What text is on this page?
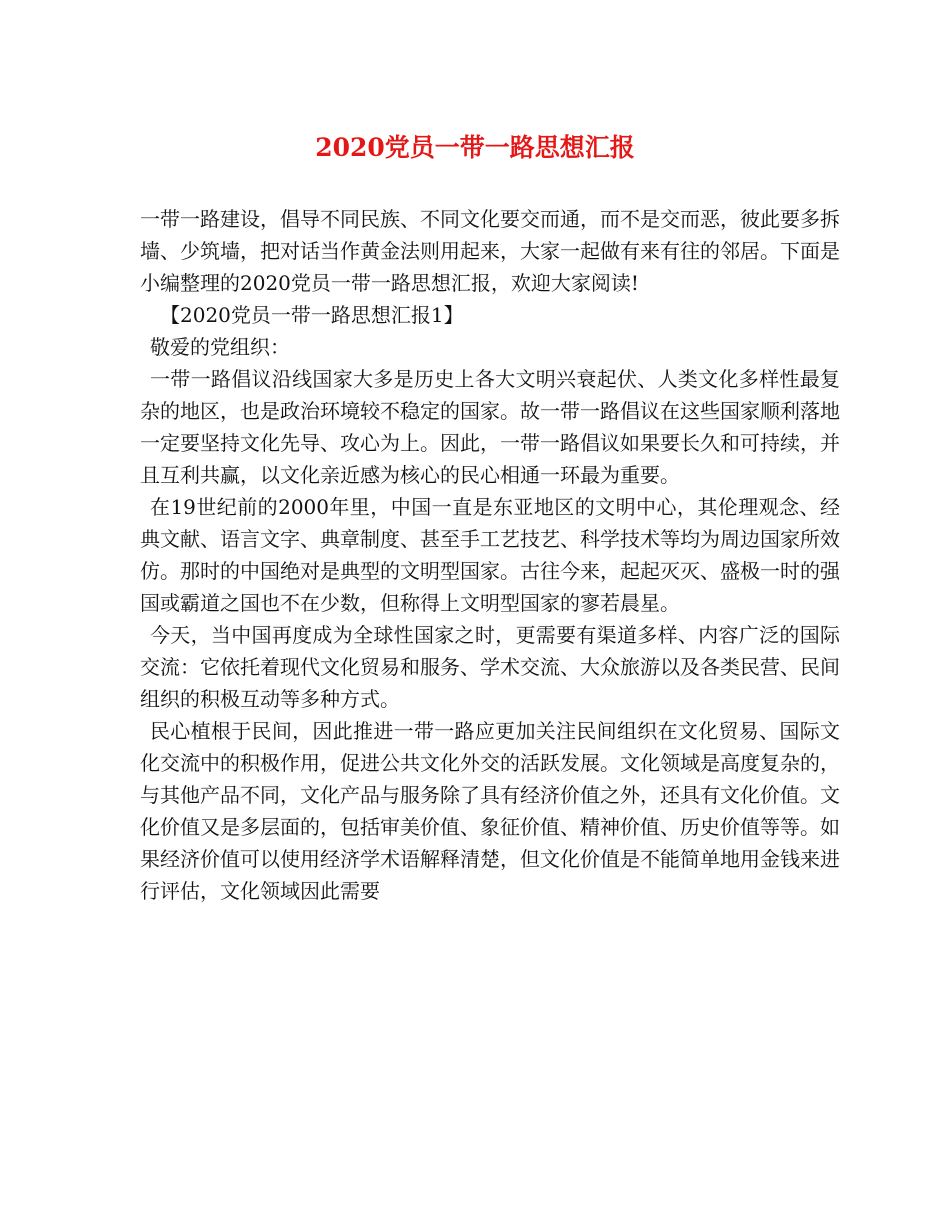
2020党员一带一路思想汇报

一带一路建设，倡导不同民族、不同文化要交而通，而不是交而恶，彼此要多拆墙、少筑墙，把对话当作黄金法则用起来，大家一起做有来有往的邻居。下面是小编整理的2020党员一带一路思想汇报，欢迎大家阅读!

【2020党员一带一路思想汇报1】

敬爱的党组织：

一带一路倡议沿线国家大多是历史上各大文明兴衰起伏、人类文化多样性最复杂的地区，也是政治环境较不稳定的国家。故一带一路倡议在这些国家顺利落地一定要坚持文化先导、攻心为上。因此，一带一路倡议如果要长久和可持续，并且互利共赢，以文化亲近感为核心的民心相通一环最为重要。

在19世纪前的2000年里，中国一直是东亚地区的文明中心，其伦理观念、经典文献、语言文字、典章制度、甚至手工艺技艺、科学技术等均为周边国家所效仿。那时的中国绝对是典型的文明型国家。古往今来，起起灭灭、盛极一时的强国或霸道之国也不在少数，但称得上文明型国家的寥若晨星。

今天，当中国再度成为全球性国家之时，更需要有渠道多样、内容广泛的国际交流：它依托着现代文化贸易和服务、学术交流、大众旅游以及各类民营、民间组织的积极互动等多种方式。

民心植根于民间，因此推进一带一路应更加关注民间组织在文化贸易、国际文化交流中的积极作用，促进公共文化外交的活跃发展。文化领域是高度复杂的，与其他产品不同，文化产品与服务除了具有经济价值之外，还具有文化价值。文化价值又是多层面的，包括审美价值、象征价值、精神价值、历史价值等等。如果经济价值可以使用经济学术语解释清楚，但文化价值是不能简单地用金钱来进行评估，文化领域因此需要
